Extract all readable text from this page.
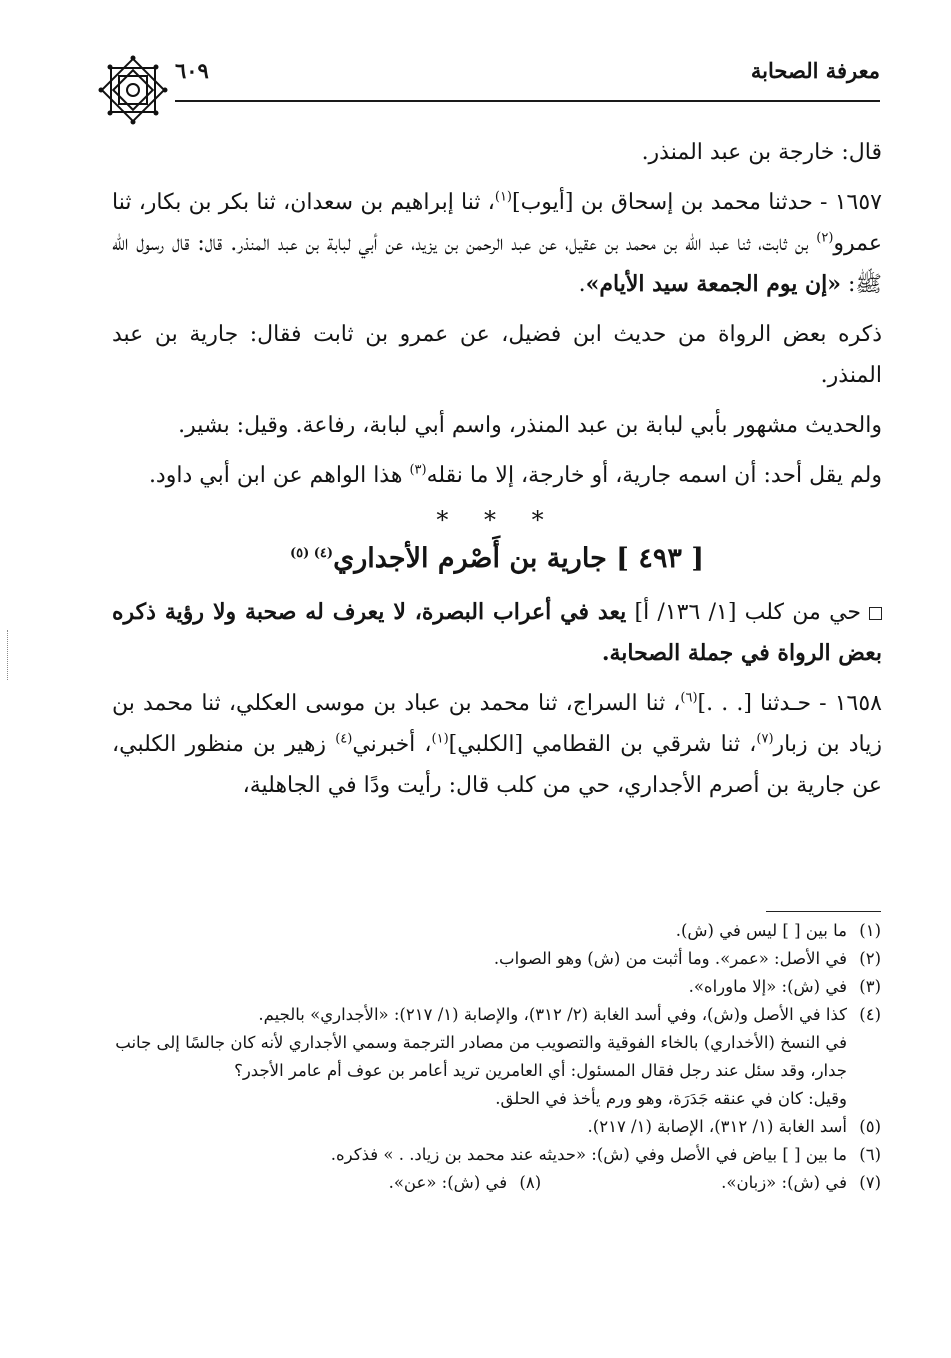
معرفة الصحابة
٦٠٩

قال: خارجة بن عبد المنذر.

١٦٥٧ - حدثنا محمد بن إسحاق بن [أيوب]$^{(١)}$، ثنا إبراهيم بن سعدان، ثنا بكر بن بكار، ثنا عمرو$^{(٢)}$ بن ثابت، ثنا عبد الله بن محمد بن عقيل، عن عبد الرحمن بن يزيد، عن أبي لبابة بن عبد المنذر. قال: قال رسول الله ﷺ: «إن يوم الجمعة سيد الأيام».

ذكره بعض الرواة من حديث ابن فضيل، عن عمرو بن ثابت فقال: جارية بن عبد المنذر.

والحديث مشهور بأبي لبابة بن عبد المنذر، واسم أبي لبابة، رفاعة. وقيل: بشير.

ولم يقل أحد: أن اسمه جارية، أو خارجة، إلا ما نقله$^{(٣)}$ هذا الواهم عن ابن أبي داود.

* * *
[ ٤٩٣ ] جارية بن أَصْرم الأجداري$^{(٤) (٥)}$

حي من كلب [١/ ١٣٦/ أ] يعد في أعراب البصرة، لا يعرف له صحبة ولا رؤية ذكره بعض الرواة في جملة الصحابة.

١٦٥٨ - حـدثنا [. . .]$^{(٦)}$، ثنا السراج، ثنا محمد بن عباد بن موسى العكلي، ثنا محمد بن زياد بن زبار$^{(٧)}$، ثنا شرقي بن القطامي [الكلبي]$^{(١)}$، أخبرني$^{(٤)}$ زهير بن منظور الكلبي، عن جارية بن أصرم الأجداري، حي من كلب قال: رأيت ودًا في الجاهلية،

(١)ما بين [ ] ليس في (ش).

(٢)في الأصل: «عمر». وما أثبت من (ش) وهو الصواب.

(٣)في (ش): «إلا ماوراه».

(٤)كذا في الأصل و(ش)، وفي أسد الغابة (٢/ ٣١٢)، والإصابة (١/ ٢١٧): «الأجداري» بالجيم.

في النسخ (الأخداري) بالخاء الفوقية والتصويب من مصادر الترجمة وسمي الأجداري لأنه كان جالسًا إلى جانب جدار، وقد سئل عند رجل فقال المسئول: أي العامرين تريد أعامر بن عوف أم عامر الأجدر؟

وقيل: كان في عنقه جَدَرَة، وهو ورم يأخذ في الحلق.

(٥)أسد الغابة (١/ ٣١٢)، الإصابة (١/ ٢١٧).

(٦)ما بين [ ] بياض في الأصل وفي (ش): «حديثه عند محمد بن زياد. . » فذكره.

(٧)في (ش): «زبان».

(٨)في (ش): «عن».
